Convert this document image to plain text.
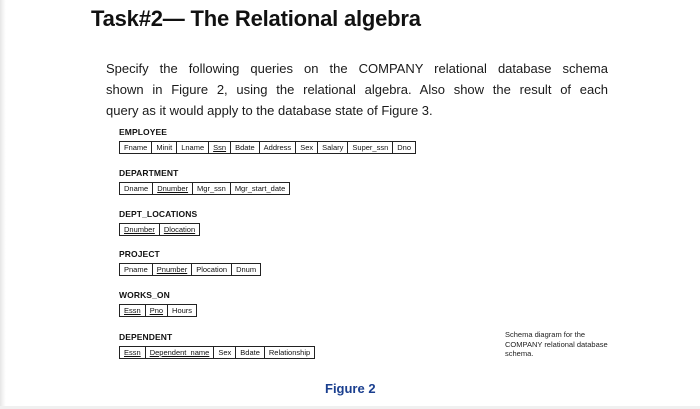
Task#2— The Relational algebra
Specify the following queries on the COMPANY relational database schema
shown in Figure 2, using the relational algebra. Also show the result of each
query as it would apply to the database state of Figure 3.
EMPLOYEE
Fname	Minit	Lname	Ssn	Bdate	Address	Sex	Salary	Super_ssn	Dno
DEPARTMENT
Dname	Dnumber	Mgr_ssn	Mgr_start_date
DEPT_LOCATIONS
Dnumber	Dlocation
PROJECT
Pname	Pnumber	Plocation	Dnum
WORKS_ON
Essn	Pno	Hours
DEPENDENT
Essn	Dependent_name	Sex	Bdate	Relationship
Schema diagram for the COMPANY relational database schema.
Figure 2
